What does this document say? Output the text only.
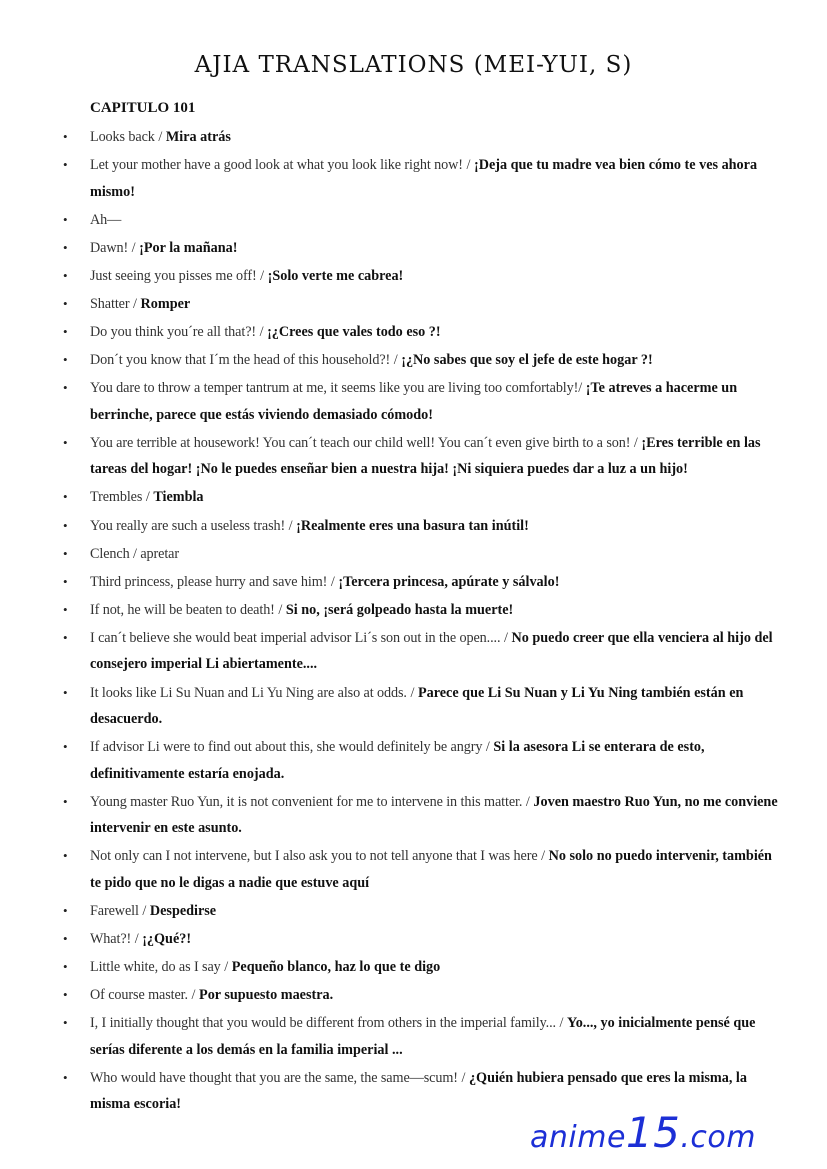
AJIA TRANSLATIONS (MEI-YUI, S)
CAPITULO 101
• Looks back / Mira atrás
• Let your mother have a good look at what you look like right now! / ¡Deja que tu madre vea bien cómo te ves ahora mismo!
• Ah—
• Dawn! / ¡Por la mañana!
• Just seeing you pisses me off! / ¡Solo verte me cabrea!
• Shatter / Romper
• Do you think you´re all that?! / ¡¿Crees que vales todo eso ?!
• Don´t you know that I´m the head of this household?! / ¡¿No sabes que soy el jefe de este hogar ?!
• You dare to throw a temper tantrum at me, it seems like you are living too comfortably!/ ¡Te atreves a hacerme un berrinche, parece que estás viviendo demasiado cómodo!
• You are terrible at housework! You can´t teach our child well! You can´t even give birth to a son! / ¡Eres terrible en las tareas del hogar! ¡No le puedes enseñar bien a nuestra hija! ¡Ni siquiera puedes dar a luz a un hijo!
• Trembles / Tiembla
• You really are such a useless trash! / ¡Realmente eres una basura tan inútil!
• Clench / apretar
• Third princess, please hurry and save him! / ¡Tercera princesa, apúrate y sálvalo!
• If not, he will be beaten to death! / Si no, ¡será golpeado hasta la muerte!
• I can´t believe she would beat imperial advisor Li´s son out in the open.... / No puedo creer que ella venciera al hijo del consejero imperial Li abiertamente....
• It looks like Li Su Nuan and Li Yu Ning are also at odds. / Parece que Li Su Nuan y Li Yu Ning también están en desacuerdo.
• If advisor Li were to find out about this, she would definitely be angry / Si la asesora Li se enterara de esto, definitivamente estaría enojada.
• Young master Ruo Yun, it is not convenient for me to intervene in this matter. / Joven maestro Ruo Yun, no me conviene intervenir en este asunto.
• Not only can I not intervene, but I also ask you to not tell anyone that I was here / No solo no puedo intervenir, también te pido que no le digas a nadie que estuve aquí
• Farewell / Despedirse
• What?! / ¡¿Qué?!
• Little white, do as I say / Pequeño blanco, haz lo que te digo
• Of course master. / Por supuesto maestra.
• I, I initially thought that you would be different from others in the imperial family... / Yo..., yo inicialmente pensé que serías diferente a los demás en la familia imperial ...
• Who would have thought that you are the same, the same—scum! / ¿Quién hubiera pensado que eres la misma, la misma escoria!
anime15.com
